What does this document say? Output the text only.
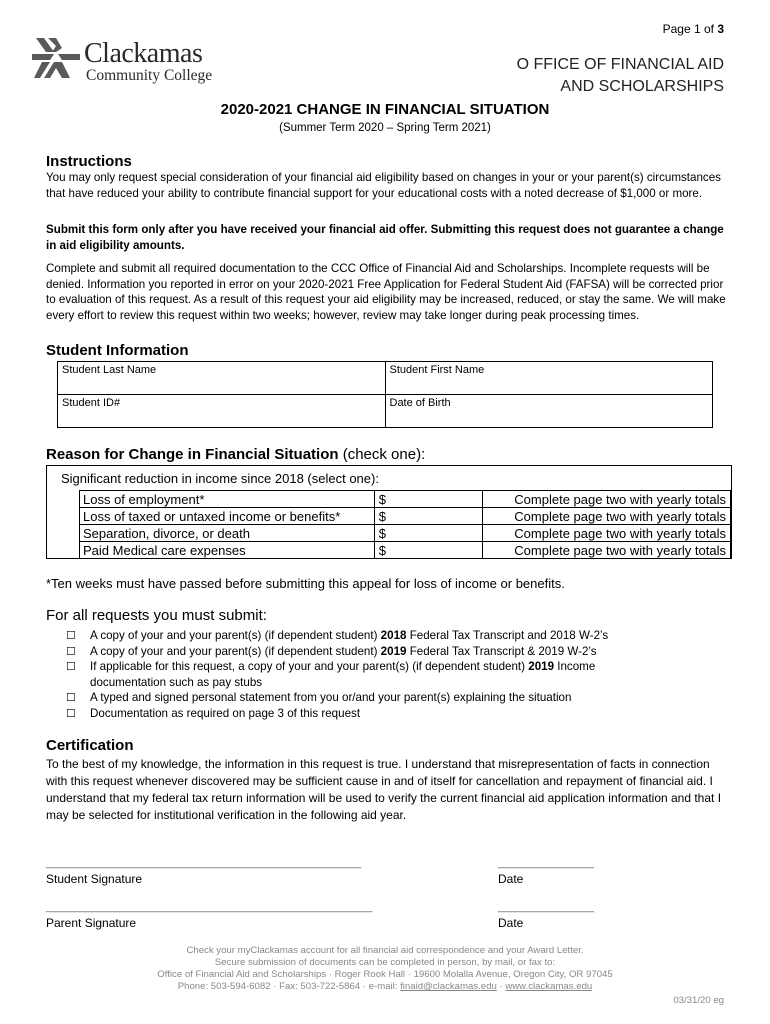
Page 1 of 3
Clackamas
Community College
O FFICE OF FINANCIAL AID
AND SCHOLARSHIPS
2020-2021 CHANGE IN FINANCIAL SITUATION
(Summer Term 2020 – Spring Term 2021)
Instructions
You may only request special consideration of your financial aid eligibility based on changes in your or your parent(s) circumstances that have reduced your ability to contribute financial support for your educational costs with a noted decrease of $1,000 or more.
Submit this form only after you have received your financial aid offer. Submitting this request does not guarantee a change in aid eligibility amounts.
Complete and submit all required documentation to the CCC Office of Financial Aid and Scholarships. Incomplete requests will be denied. Information you reported in error on your 2020-2021 Free Application for Federal Student Aid (FAFSA) will be corrected prior to evaluation of this request. As a result of this request your aid eligibility may be increased, reduced, or stay the same. We will make every effort to review this request within two weeks; however, review may take longer during peak processing times.
Student Information
Student Last Name	Student First Name
Student ID#	Date of Birth
Reason for Change in Financial Situation (check one):
Significant reduction in income since 2018 (select one):
Loss of employment*	$	Complete page two with yearly totals
Loss of taxed or untaxed income or benefits*	$	Complete page two with yearly totals
Separation, divorce, or death	$	Complete page two with yearly totals
Paid Medical care expenses	$	Complete page two with yearly totals
*Ten weeks must have passed before submitting this appeal for loss of income or benefits.
For all requests you must submit:
☐ A copy of your and your parent(s) (if dependent student) 2018 Federal Tax Transcript and 2018 W-2’s
☐ A copy of your and your parent(s) (if dependent student) 2019 Federal Tax Transcript & 2019 W-2’s
☐ If applicable for this request, a copy of your and your parent(s) (if dependent student) 2019 Income documentation such as pay stubs
☐ A typed and signed personal statement from you or/and your parent(s) explaining the situation
☐ Documentation as required on page 3 of this request
Certification
To the best of my knowledge, the information in this request is true. I understand that misrepresentation of facts in connection with this request whenever discovered may be sufficient cause in and of itself for cancellation and repayment of financial aid. I understand that my federal tax return information will be used to verify the current financial aid application information and that I may be selected for institutional verification in the following aid year.
________________________________________________________	_________________
Student Signature	Date
__________________________________________________________	_________________
Parent Signature	Date
Check your myClackamas account for all financial aid correspondence and your Award Letter.
Secure submission of documents can be completed in person, by mail, or fax to:
Office of Financial Aid and Scholarships · Roger Rook Hall · 19600 Molalla Avenue, Oregon City, OR 97045
Phone: 503-594-6082 · Fax: 503-722-5864 · e-mail: finaid@clackamas.edu · www.clackamas.edu
03/31/20 eg
